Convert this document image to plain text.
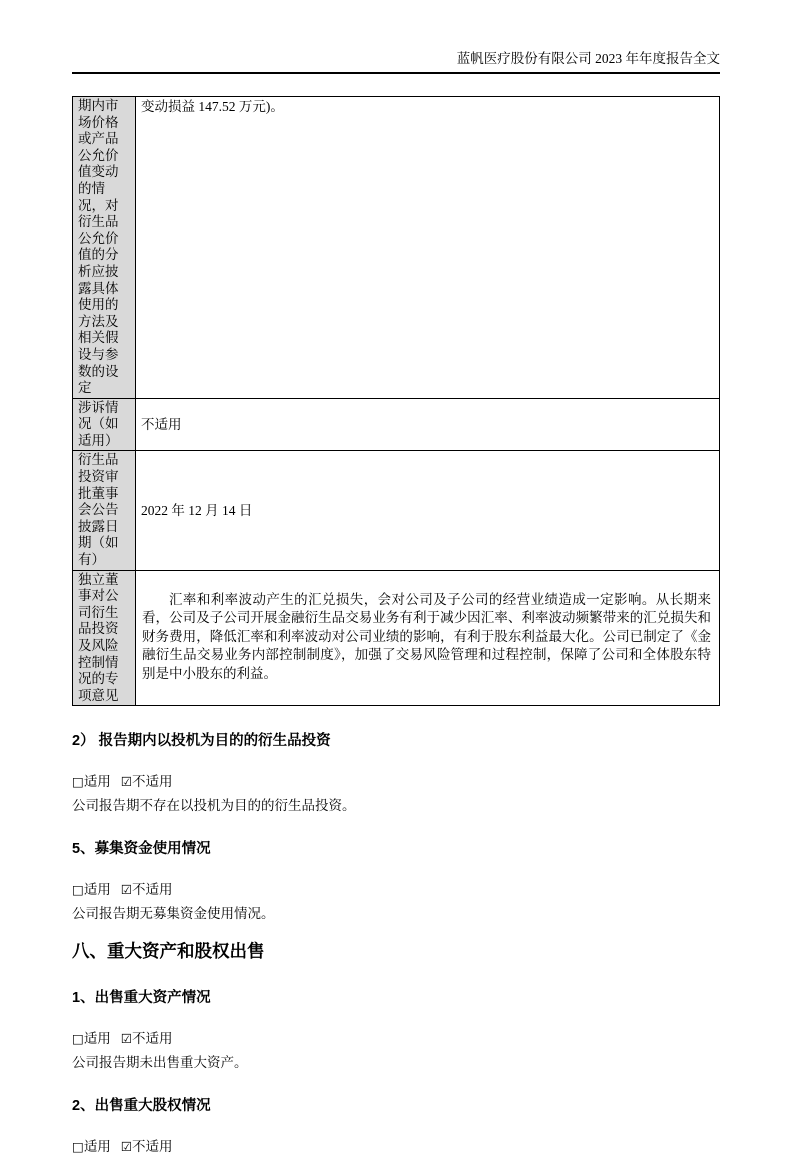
蓝帆医疗股份有限公司 2023 年年度报告全文
期内市场价格或产品公允价值变动的情况，对衍生品公允价值的分析应披露具体使用的方法及相关假设与参数的设定	变动损益 147.52 万元)。
涉诉情况（如适用）	不适用
衍生品投资审批董事会公告披露日期（如有）	2022 年 12 月 14 日
独立董事对公司衍生品投资及风险控制情况的专项意见	汇率和利率波动产生的汇兑损失，会对公司及子公司的经营业绩造成一定影响。从长期来看，公司及子公司开展金融衍生品交易业务有利于减少因汇率、利率波动频繁带来的汇兑损失和财务费用，降低汇率和利率波动对公司业绩的影响，有利于股东利益最大化。公司已制定了《金融衍生品交易业务内部控制制度》，加强了交易风险管理和过程控制，保障了公司和全体股东特别是中小股东的利益。
2） 报告期内以投机为目的的衍生品投资
□适用 ☑不适用
公司报告期不存在以投机为目的的衍生品投资。
5、募集资金使用情况
□适用 ☑不适用
公司报告期无募集资金使用情况。
八、重大资产和股权出售
1、出售重大资产情况
□适用 ☑不适用
公司报告期未出售重大资产。
2、出售重大股权情况
□适用 ☑不适用
